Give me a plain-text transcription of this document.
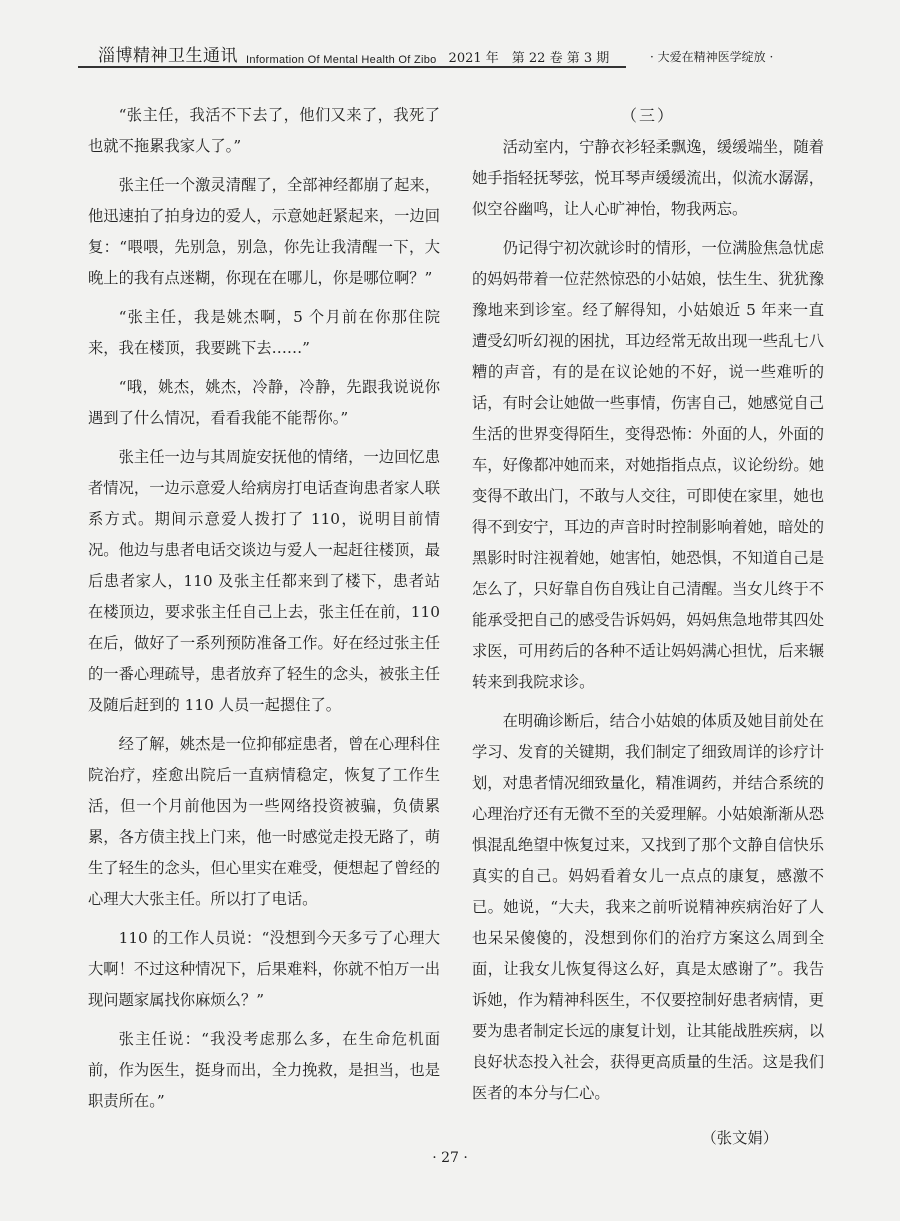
淄博精神卫生通讯 Information Of Mental Health Of Zibo 2021 年　第 22 卷 第 3 期	· 大爱在精神医学绽放 ·

“张主任，我活不下去了，他们又来了，我死了也就不拖累我家人了。”

张主任一个激灵清醒了，全部神经都崩了起来，他迅速拍了拍身边的爱人，示意她赶紧起来，一边回复：“喂喂，先别急，别急，你先让我清醒一下，大晚上的我有点迷糊，你现在在哪儿，你是哪位啊？”

“张主任，我是姚杰啊，5 个月前在你那住院来，我在楼顶，我要跳下去……”

“哦，姚杰，姚杰，冷静，冷静，先跟我说说你遇到了什么情况，看看我能不能帮你。”

张主任一边与其周旋安抚他的情绪，一边回忆患者情况，一边示意爱人给病房打电话查询患者家人联系方式。期间示意爱人拨打了 110，说明目前情况。他边与患者电话交谈边与爱人一起赶往楼顶，最后患者家人，110 及张主任都来到了楼下，患者站在楼顶边，要求张主任自己上去，张主任在前，110 在后，做好了一系列预防准备工作。好在经过张主任的一番心理疏导，患者放弃了轻生的念头，被张主任及随后赶到的 110 人员一起摁住了。

经了解，姚杰是一位抑郁症患者，曾在心理科住院治疗，痊愈出院后一直病情稳定，恢复了工作生活，但一个月前他因为一些网络投资被骗，负债累累，各方债主找上门来，他一时感觉走投无路了，萌生了轻生的念头，但心里实在难受，便想起了曾经的心理大大张主任。所以打了电话。

110 的工作人员说：“没想到今天多亏了心理大大啊！不过这种情况下，后果难料，你就不怕万一出现问题家属找你麻烦么？”

张主任说：“我没考虑那么多，在生命危机面前，作为医生，挺身而出，全力挽救，是担当，也是职责所在。”

（三）

活动室内，宁静衣衫轻柔飘逸，缓缓端坐，随着她手指轻抚琴弦，悦耳琴声缓缓流出，似流水潺潺，似空谷幽鸣，让人心旷神怡，物我两忘。

仍记得宁初次就诊时的情形，一位满脸焦急忧虑的妈妈带着一位茫然惊恐的小姑娘，怯生生、犹犹豫豫地来到诊室。经了解得知，小姑娘近 5 年来一直遭受幻听幻视的困扰，耳边经常无故出现一些乱七八糟的声音，有的是在议论她的不好，说一些难听的话，有时会让她做一些事情，伤害自己，她感觉自己生活的世界变得陌生，变得恐怖：外面的人，外面的车，好像都冲她而来，对她指指点点，议论纷纷。她变得不敢出门，不敢与人交往，可即使在家里，她也得不到安宁，耳边的声音时时控制影响着她，暗处的黑影时时注视着她，她害怕，她恐惧，不知道自己是怎么了，只好靠自伤自残让自己清醒。当女儿终于不能承受把自己的感受告诉妈妈，妈妈焦急地带其四处求医，可用药后的各种不适让妈妈满心担忧，后来辗转来到我院求诊。

在明确诊断后，结合小姑娘的体质及她目前处在学习、发育的关键期，我们制定了细致周详的诊疗计划，对患者情况细致量化，精准调药，并结合系统的心理治疗还有无微不至的关爱理解。小姑娘渐渐从恐惧混乱绝望中恢复过来，又找到了那个文静自信快乐真实的自己。妈妈看着女儿一点点的康复，感激不已。她说，“大夫，我来之前听说精神疾病治好了人也呆呆傻傻的，没想到你们的治疗方案这么周到全面，让我女儿恢复得这么好，真是太感谢了”。我告诉她，作为精神科医生，不仅要控制好患者病情，更要为患者制定长远的康复计划，让其能战胜疾病，以良好状态投入社会，获得更高质量的生活。这是我们医者的本分与仁心。

（张文娟）
· 27 ·
